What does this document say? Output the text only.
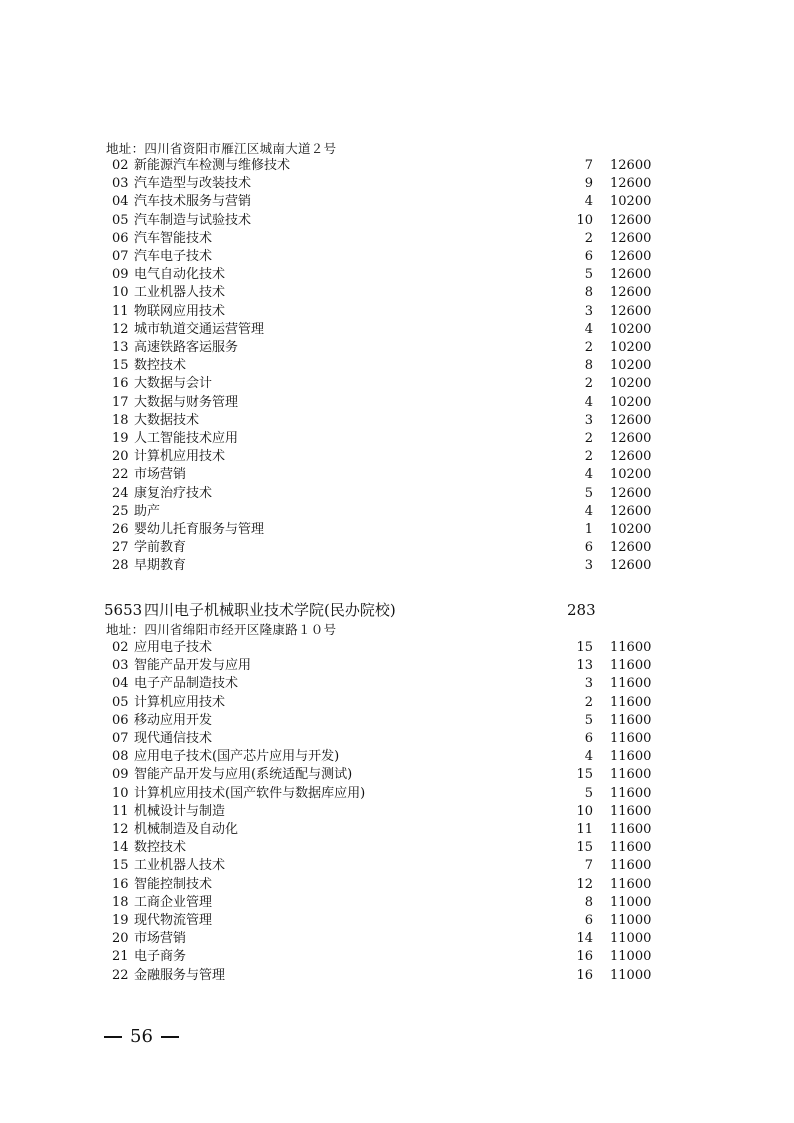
地址：四川省资阳市雁江区城南大道２号
02 新能源汽车检测与维修技术	7 12600
03 汽车造型与改装技术	9 12600
04 汽车技术服务与营销	4 10200
05 汽车制造与试验技术	10 12600
06 汽车智能技术	2 12600
07 汽车电子技术	6 12600
09 电气自动化技术	5 12600
10 工业机器人技术	8 12600
11 物联网应用技术	3 12600
12 城市轨道交通运营管理	4 10200
13 高速铁路客运服务	2 10200
15 数控技术	8 10200
16 大数据与会计	2 10200
17 大数据与财务管理	4 10200
18 大数据技术	3 12600
19 人工智能技术应用	2 12600
20 计算机应用技术	2 12600
22 市场营销	4 10200
24 康复治疗技术	5 12600
25 助产	4 12600
26 婴幼儿托育服务与管理	1 10200
27 学前教育	6 12600
28 早期教育	3 12600
5653 四川电子机械职业技术学院(民办院校)	283
地址：四川省绵阳市经开区隆康路１０号
02 应用电子技术	15 11600
03 智能产品开发与应用	13 11600
04 电子产品制造技术	3 11600
05 计算机应用技术	2 11600
06 移动应用开发	5 11600
07 现代通信技术	6 11600
08 应用电子技术(国产芯片应用与开发)	4 11600
09 智能产品开发与应用(系统适配与测试)	15 11600
10 计算机应用技术(国产软件与数据库应用)	5 11600
11 机械设计与制造	10 11600
12 机械制造及自动化	11 11600
14 数控技术	15 11600
15 工业机器人技术	7 11600
16 智能控制技术	12 11600
18 工商企业管理	8 11000
19 现代物流管理	6 11000
20 市场营销	14 11000
21 电子商务	16 11000
22 金融服务与管理	16 11000
56
